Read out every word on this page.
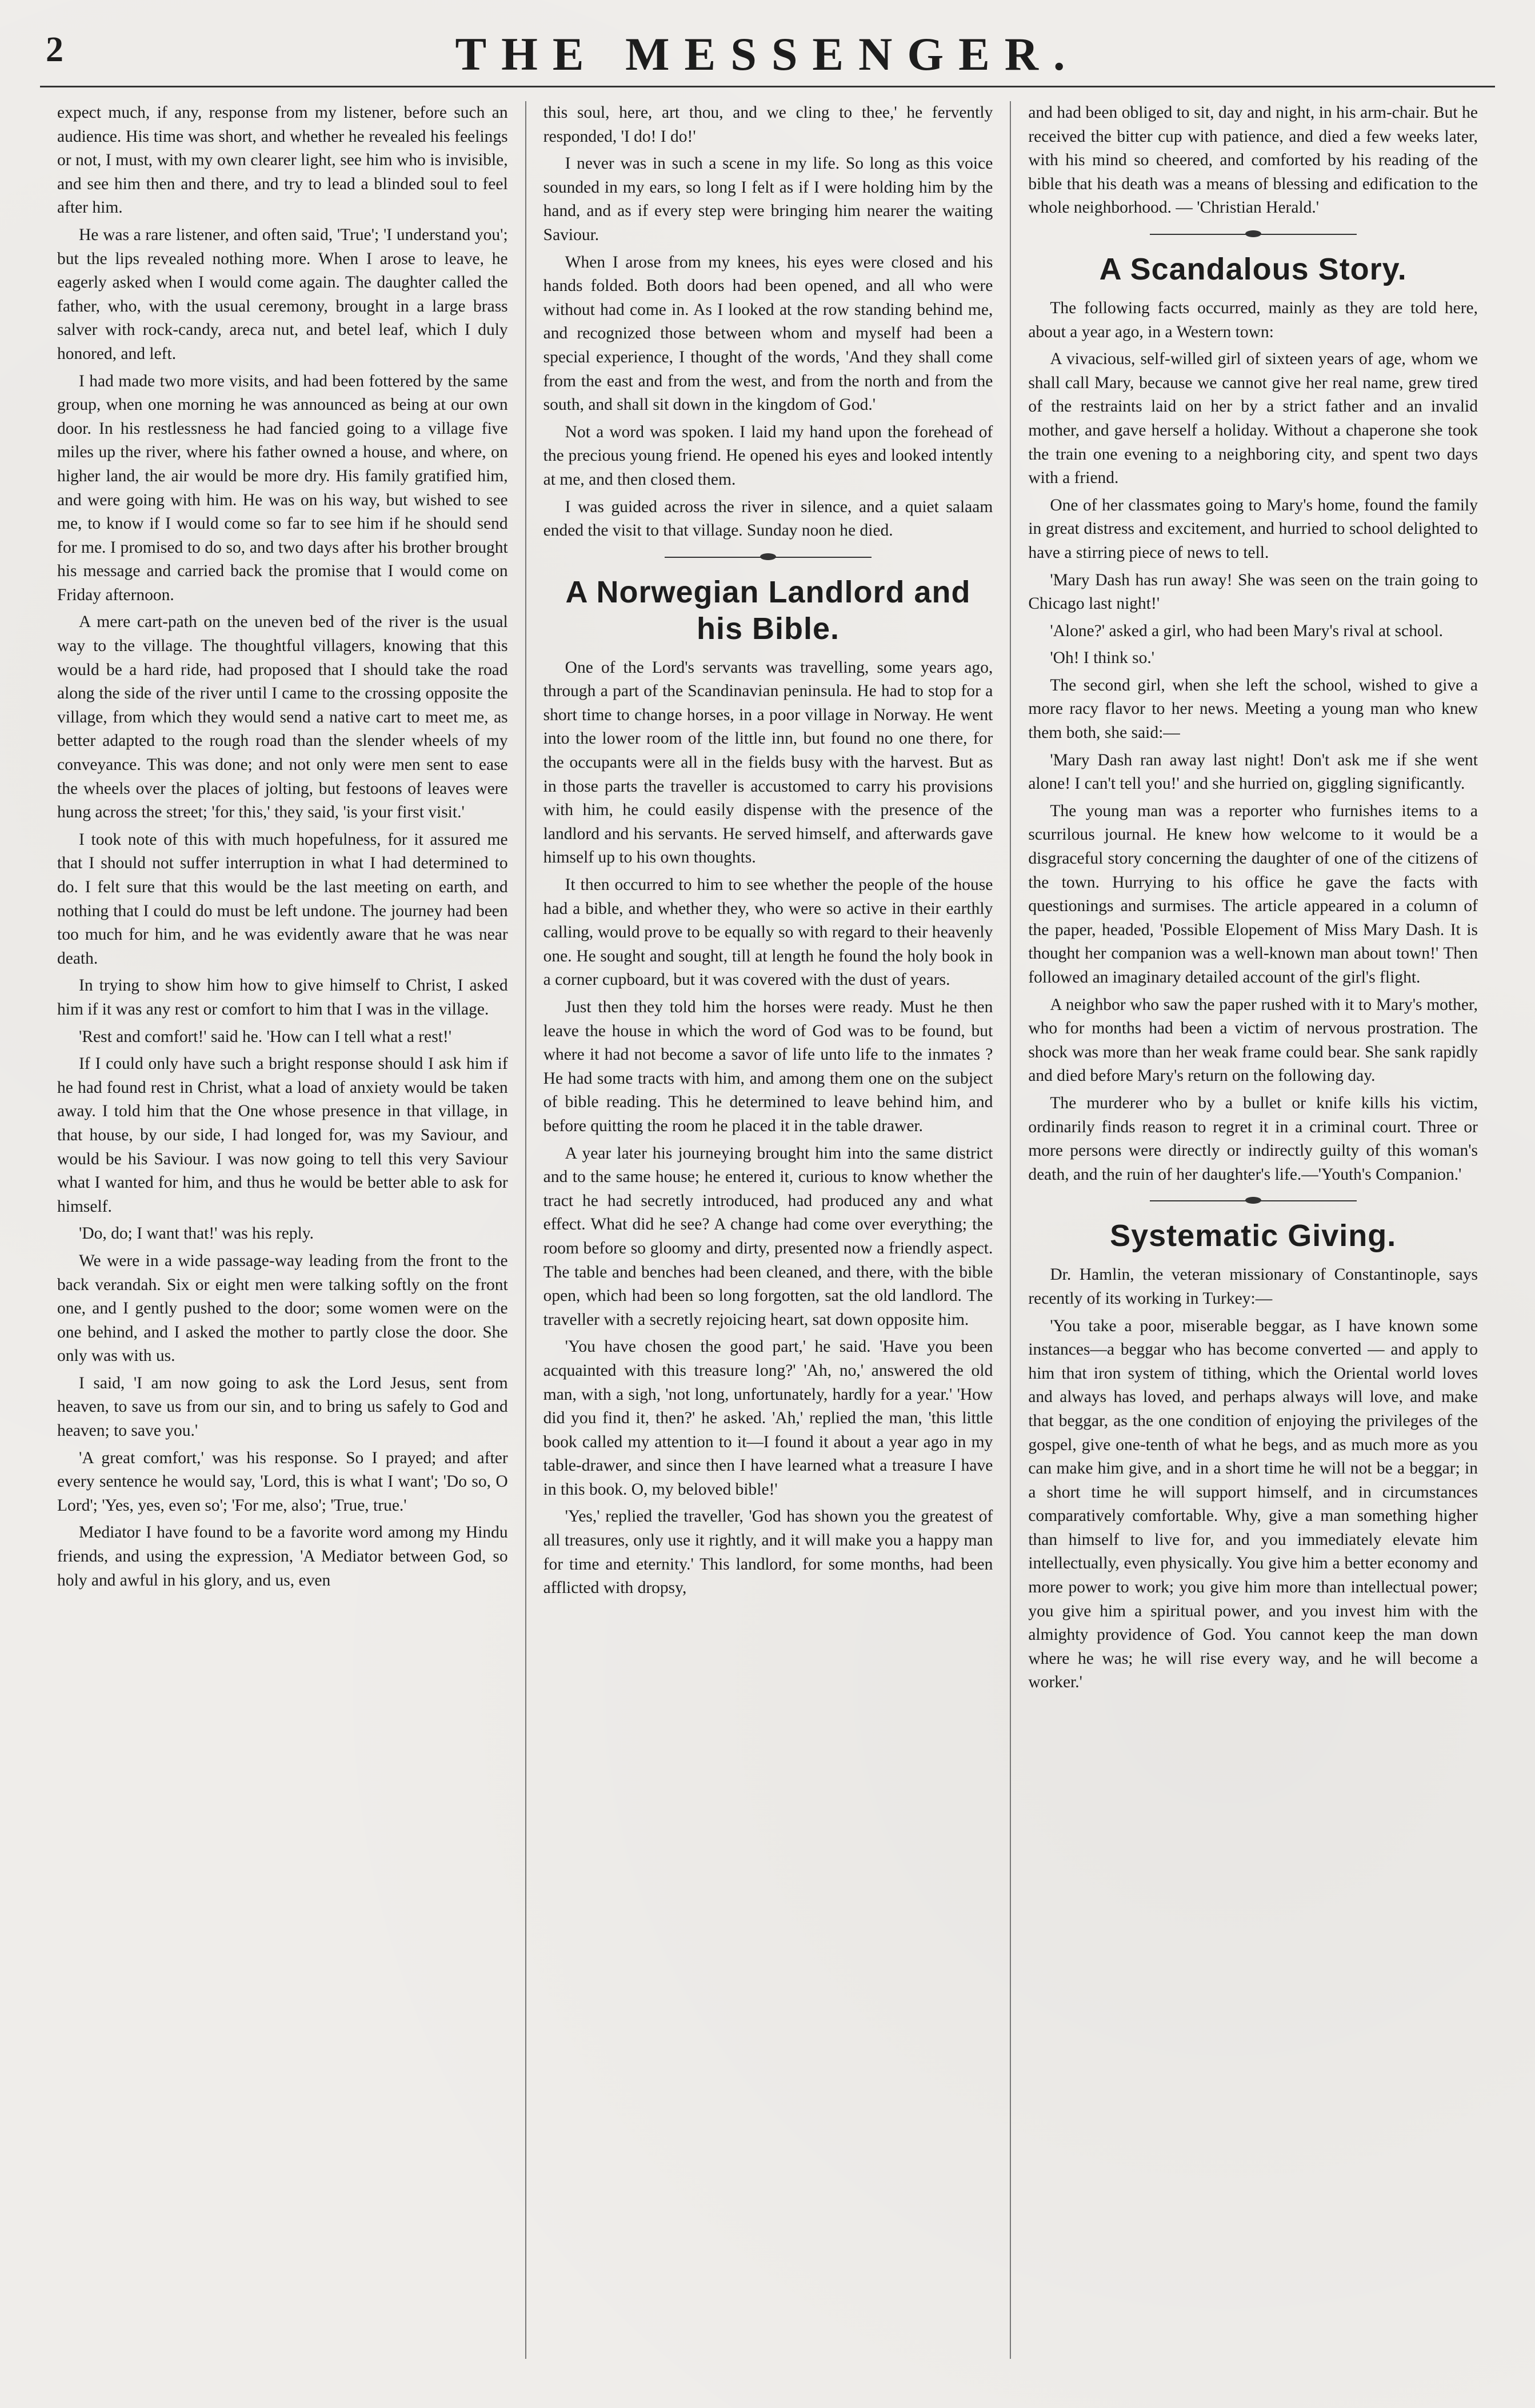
2	THE MESSENGER.

expect much, if any, response from my listener, before such an audience. His time was short, and whether he revealed his feelings or not, I must, with my own clearer light, see him who is invisible, and see him then and there, and try to lead a blinded soul to feel after him.

He was a rare listener, and often said, 'True'; 'I understand you'; but the lips revealed nothing more. When I arose to leave, he eagerly asked when I would come again. The daughter called the father, who, with the usual ceremony, brought in a large brass salver with rock-candy, areca nut, and betel leaf, which I duly honored, and left.

I had made two more visits, and had been fottered by the same group, when one morning he was announced as being at our own door. In his restlessness he had fancied going to a village five miles up the river, where his father owned a house, and where, on higher land, the air would be more dry. His family gratified him, and were going with him. He was on his way, but wished to see me, to know if I would come so far to see him if he should send for me. I promised to do so, and two days after his brother brought his message and carried back the promise that I would come on Friday afternoon.

A mere cart-path on the uneven bed of the river is the usual way to the village. The thoughtful villagers, knowing that this would be a hard ride, had proposed that I should take the road along the side of the river until I came to the crossing opposite the village, from which they would send a native cart to meet me, as better adapted to the rough road than the slender wheels of my conveyance. This was done; and not only were men sent to ease the wheels over the places of jolting, but festoons of leaves were hung across the street; 'for this,' they said, 'is your first visit.'

I took note of this with much hopefulness, for it assured me that I should not suffer interruption in what I had determined to do. I felt sure that this would be the last meeting on earth, and nothing that I could do must be left undone. The journey had been too much for him, and he was evidently aware that he was near death.

In trying to show him how to give himself to Christ, I asked him if it was any rest or comfort to him that I was in the village.

'Rest and comfort!' said he. 'How can I tell what a rest!'

If I could only have such a bright response should I ask him if he had found rest in Christ, what a load of anxiety would be taken away. I told him that the One whose presence in that village, in that house, by our side, I had longed for, was my Saviour, and would be his Saviour. I was now going to tell this very Saviour what I wanted for him, and thus he would be better able to ask for himself.

'Do, do; I want that!' was his reply.

We were in a wide passage-way leading from the front to the back verandah. Six or eight men were talking softly on the front one, and I gently pushed to the door; some women were on the one behind, and I asked the mother to partly close the door. She only was with us.

I said, 'I am now going to ask the Lord Jesus, sent from heaven, to save us from our sin, and to bring us safely to God and heaven; to save you.'

'A great comfort,' was his response. So I prayed; and after every sentence he would say, 'Lord, this is what I want'; 'Do so, O Lord'; 'Yes, yes, even so'; 'For me, also'; 'True, true.'

Mediator I have found to be a favorite word among my Hindu friends, and using the expression, 'A Mediator between God, so holy and awful in his glory, and us, even

this soul, here, art thou, and we cling to thee,' he fervently responded, 'I do! I do!'

I never was in such a scene in my life. So long as this voice sounded in my ears, so long I felt as if I were holding him by the hand, and as if every step were bringing him nearer the waiting Saviour.

When I arose from my knees, his eyes were closed and his hands folded. Both doors had been opened, and all who were without had come in. As I looked at the row standing behind me, and recognized those between whom and myself had been a special experience, I thought of the words, 'And they shall come from the east and from the west, and from the north and from the south, and shall sit down in the kingdom of God.'

Not a word was spoken. I laid my hand upon the forehead of the precious young friend. He opened his eyes and looked intently at me, and then closed them.

I was guided across the river in silence, and a quiet salaam ended the visit to that village. Sunday noon he died.

A Norwegian Landlord and his Bible.

One of the Lord's servants was travelling, some years ago, through a part of the Scandinavian peninsula. He had to stop for a short time to change horses, in a poor village in Norway. He went into the lower room of the little inn, but found no one there, for the occupants were all in the fields busy with the harvest. But as in those parts the traveller is accustomed to carry his provisions with him, he could easily dispense with the presence of the landlord and his servants. He served himself, and afterwards gave himself up to his own thoughts.

It then occurred to him to see whether the people of the house had a bible, and whether they, who were so active in their earthly calling, would prove to be equally so with regard to their heavenly one. He sought and sought, till at length he found the holy book in a corner cupboard, but it was covered with the dust of years.

Just then they told him the horses were ready. Must he then leave the house in which the word of God was to be found, but where it had not become a savor of life unto life to the inmates ? He had some tracts with him, and among them one on the subject of bible reading. This he determined to leave behind him, and before quitting the room he placed it in the table drawer.

A year later his journeying brought him into the same district and to the same house; he entered it, curious to know whether the tract he had secretly introduced, had produced any and what effect. What did he see? A change had come over everything; the room before so gloomy and dirty, presented now a friendly aspect. The table and benches had been cleaned, and there, with the bible open, which had been so long forgotten, sat the old landlord. The traveller with a secretly rejoicing heart, sat down opposite him.

'You have chosen the good part,' he said. 'Have you been acquainted with this treasure long?' 'Ah, no,' answered the old man, with a sigh, 'not long, unfortunately, hardly for a year.' 'How did you find it, then?' he asked. 'Ah,' replied the man, 'this little book called my attention to it—I found it about a year ago in my table-drawer, and since then I have learned what a treasure I have in this book. O, my beloved bible!'

'Yes,' replied the traveller, 'God has shown you the greatest of all treasures, only use it rightly, and it will make you a happy man for time and eternity.' This landlord, for some months, had been afflicted with dropsy,

and had been obliged to sit, day and night, in his arm-chair. But he received the bitter cup with patience, and died a few weeks later, with his mind so cheered, and comforted by his reading of the bible that his death was a means of blessing and edification to the whole neighborhood. — 'Christian Herald.'

A Scandalous Story.

The following facts occurred, mainly as they are told here, about a year ago, in a Western town:

A vivacious, self-willed girl of sixteen years of age, whom we shall call Mary, because we cannot give her real name, grew tired of the restraints laid on her by a strict father and an invalid mother, and gave herself a holiday. Without a chaperone she took the train one evening to a neighboring city, and spent two days with a friend.

One of her classmates going to Mary's home, found the family in great distress and excitement, and hurried to school delighted to have a stirring piece of news to tell.

'Mary Dash has run away! She was seen on the train going to Chicago last night!'

'Alone?' asked a girl, who had been Mary's rival at school.

'Oh! I think so.'

The second girl, when she left the school, wished to give a more racy flavor to her news. Meeting a young man who knew them both, she said:—

'Mary Dash ran away last night! Don't ask me if she went alone! I can't tell you!' and she hurried on, giggling significantly.

The young man was a reporter who furnishes items to a scurrilous journal. He knew how welcome to it would be a disgraceful story concerning the daughter of one of the citizens of the town. Hurrying to his office he gave the facts with questionings and surmises. The article appeared in a column of the paper, headed, 'Possible Elopement of Miss Mary Dash. It is thought her companion was a well-known man about town!' Then followed an imaginary detailed account of the girl's flight.

A neighbor who saw the paper rushed with it to Mary's mother, who for months had been a victim of nervous prostration. The shock was more than her weak frame could bear. She sank rapidly and died before Mary's return on the following day.

The murderer who by a bullet or knife kills his victim, ordinarily finds reason to regret it in a criminal court. Three or more persons were directly or indirectly guilty of this woman's death, and the ruin of her daughter's life.—'Youth's Companion.'

Systematic Giving.

Dr. Hamlin, the veteran missionary of Constantinople, says recently of its working in Turkey:—

'You take a poor, miserable beggar, as I have known some instances—a beggar who has become converted — and apply to him that iron system of tithing, which the Oriental world loves and always has loved, and perhaps always will love, and make that beggar, as the one condition of enjoying the privileges of the gospel, give one-tenth of what he begs, and as much more as you can make him give, and in a short time he will not be a beggar; in a short time he will support himself, and in circumstances comparatively comfortable. Why, give a man something higher than himself to live for, and you immediately elevate him intellectually, even physically. You give him a better economy and more power to work; you give him more than intellectual power; you give him a spiritual power, and you invest him with the almighty providence of God. You cannot keep the man down where he was; he will rise every way, and he will become a worker.'
